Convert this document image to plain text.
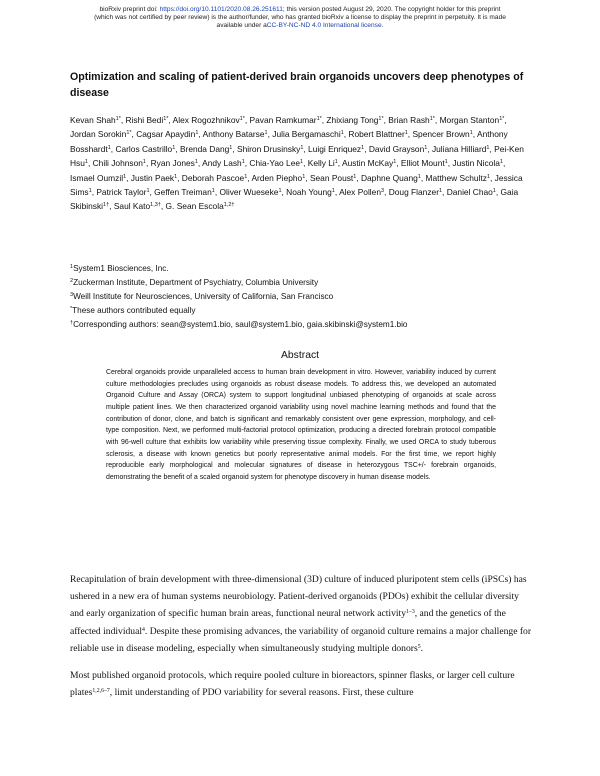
bioRxiv preprint doi: https://doi.org/10.1101/2020.08.26.251611; this version posted August 29, 2020. The copyright holder for this preprint
(which was not certified by peer review) is the author/funder, who has granted bioRxiv a license to display the preprint in perpetuity. It is made
available under aCC-BY-NC-ND 4.0 International license.
Optimization and scaling of patient-derived brain organoids uncovers deep phenotypes of disease
Kevan Shah$^{1*}$, Rishi Bedi$^{1*}$, Alex Rogozhnikov$^{1*}$, Pavan Ramkumar$^{1*}$, Zhixiang Tong$^{1*}$, Brian Rash$^{1*}$, Morgan Stanton$^{1*}$, Jordan Sorokin$^{1*}$, Cagsar Apaydin$^1$, Anthony Batarse$^1$, Julia Bergamaschi$^1$, Robert Blattner$^1$, Spencer Brown$^1$, Anthony Bosshardt$^1$, Carlos Castrillo$^1$, Brenda Dang$^1$, Shiron Drusinsky$^1$, Luigi Enriquez$^1$, David Grayson$^1$, Juliana Hilliard$^1$, Pei-Ken Hsu$^1$, Chili Johnson$^1$, Ryan Jones$^1$, Andy Lash$^1$, Chia-Yao Lee$^1$, Kelly Li$^1$, Austin McKay$^1$, Elliot Mount$^1$, Justin Nicola$^1$, Ismael Oumzil$^1$, Justin Paek$^1$, Deborah Pascoe$^1$, Arden Piepho$^1$, Sean Poust$^1$, Daphne Quang$^1$, Matthew Schultz$^1$, Jessica Sims$^1$, Patrick Taylor$^1$, Geffen Treiman$^1$, Oliver Wueseke$^1$, Noah Young$^1$, Alex Pollen$^3$, Doug Flanzer$^1$, Daniel Chao$^1$, Gaia Skibinski$^{1\dagger}$, Saul Kato$^{1,3\dagger}$, G. Sean Escola$^{1,2\dagger}$
$^1$System1 Biosciences, Inc.
$^2$Zuckerman Institute, Department of Psychiatry, Columbia University
$^3$Weill Institute for Neurosciences, University of California, San Francisco
*These authors contributed equally
†Corresponding authors: sean@system1.bio, saul@system1.bio, gaia.skibinski@system1.bio
Abstract
Cerebral organoids provide unparalleled access to human brain development in vitro. However, variability induced by current culture methodologies precludes using organoids as robust disease models. To address this, we developed an automated Organoid Culture and Assay (ORCA) system to support longitudinal unbiased phenotyping of organoids at scale across multiple patient lines. We then characterized organoid variability using novel machine learning methods and found that the contribution of donor, clone, and batch is significant and remarkably consistent over gene expression, morphology, and cell-type composition. Next, we performed multi-factorial protocol optimization, producing a directed forebrain protocol compatible with 96-well culture that exhibits low variability while preserving tissue complexity. Finally, we used ORCA to study tuberous sclerosis, a disease with known genetics but poorly representative animal models. For the first time, we report highly reproducible early morphological and molecular signatures of disease in heterozygous TSC+/- forebrain organoids, demonstrating the benefit of a scaled organoid system for phenotype discovery in human disease models.
Recapitulation of brain development with three-dimensional (3D) culture of induced pluripotent stem cells (iPSCs) has ushered in a new era of human systems neurobiology. Patient-derived organoids (PDOs) exhibit the cellular diversity and early organization of specific human brain areas, functional neural network activity$^{1-3}$, and the genetics of the affected individual$^4$. Despite these promising advances, the variability of organoid culture remains a major challenge for reliable use in disease modeling, especially when simultaneously studying multiple donors$^5$.
Most published organoid protocols, which require pooled culture in bioreactors, spinner flasks, or larger cell culture plates$^{1,2,6-7}$, limit understanding of PDO variability for several reasons. First, these culture
